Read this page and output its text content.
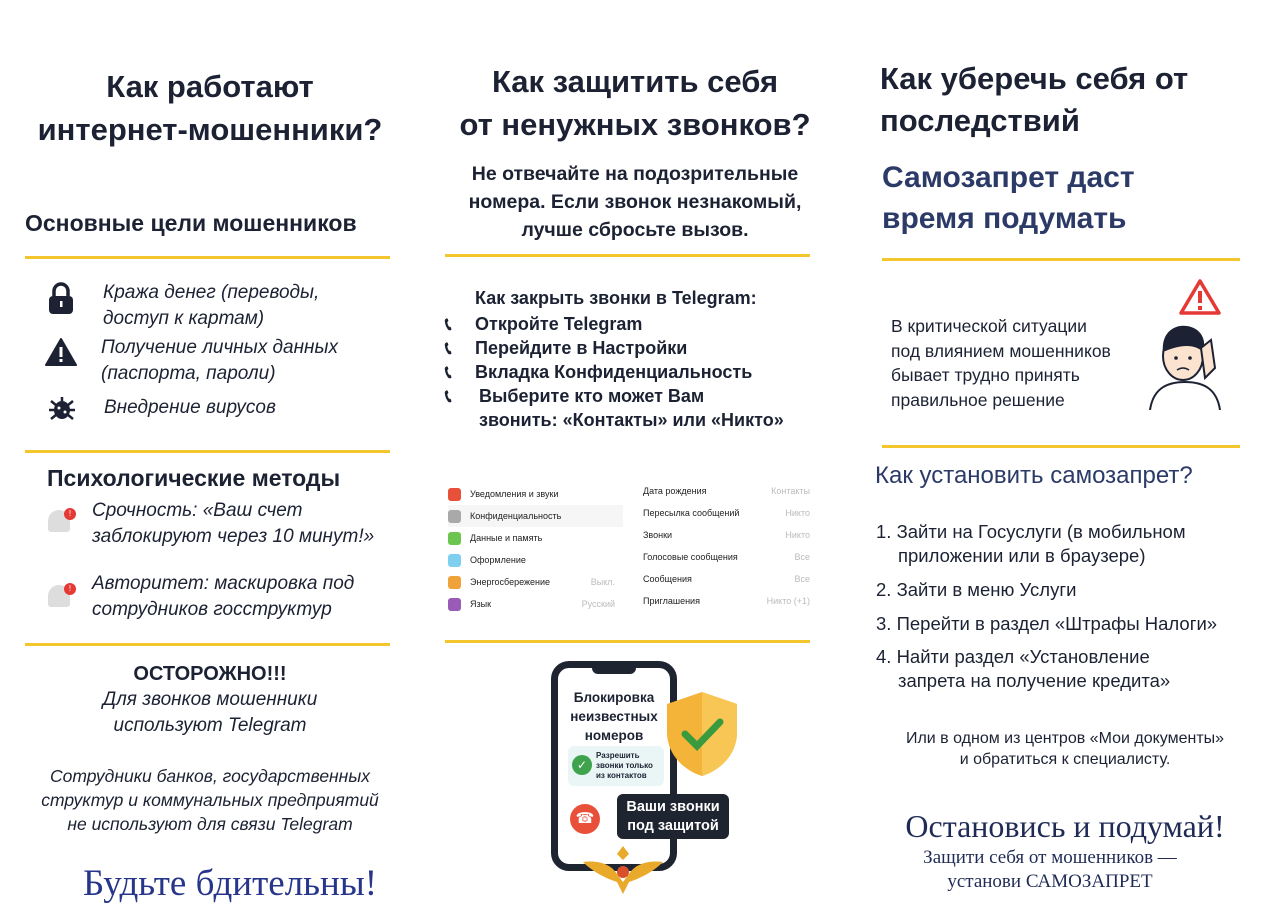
Как работают
интернет-мошенники?
Основные цели мошенников
Кража денег (переводы,
доступ к картам)
Получение личных данных
(паспорта, пароли)
Внедрение вирусов
Психологические методы
! Срочность: «Ваш счет
заблокируют через 10 минут!»
! Авторитет: маскировка под
сотрудников госструктур
ОСТОРОЖНО!!!
Для звонков мошенники
используют Telegram
Сотрудники банков, государственных
структур и коммунальных предприятий
не используют для связи Telegram
Будьте бдительны!
Как защитить себя
от ненужных звонков?
Не отвечайте на подозрительные
номера. Если звонок незнакомый,
лучше сбросьте вызов.
Как закрыть звонки в Telegram:
📞︎	Откройте Telegram
📞︎	Перейдите в Настройки
📞︎	Вкладка Конфиденциальность
📞︎	Выберите кто может Вам
звонить: «Контакты» или «Никто»
Уведомления и звуки
Конфиденциальность
Данные и память
Оформление
Энергосбережение	Выкл.
Язык	Русский
Дата рождения	Контакты
Пересылка сообщений	Никто
Звонки	Никто
Голосовые сообщения	Все
Сообщения	Все
Приглашения	Никто (+1)
Блокировка
неизвестных
номеров
✓
Разрешить
звонки только
из контактов
☎
Ваши звонки
под защитой
Как уберечь себя от
последствий
Самозапрет даст
время подумать
В критической ситуации
под влиянием мошенников
бывает трудно принять
правильное решение
Как установить самозапрет?
1. Зайти на Госуслуги (в мобильном
приложении или в браузере)
2. Зайти в меню Услуги
3. Перейти в раздел «Штрафы Налоги»
4. Найти раздел «Установление
запрета на получение кредита»
Или в одном из центров «Мои документы»
и обратиться к специалисту.
Остановись и подумай!
Защити себя от мошенников —
установи САМОЗАПРЕТ
